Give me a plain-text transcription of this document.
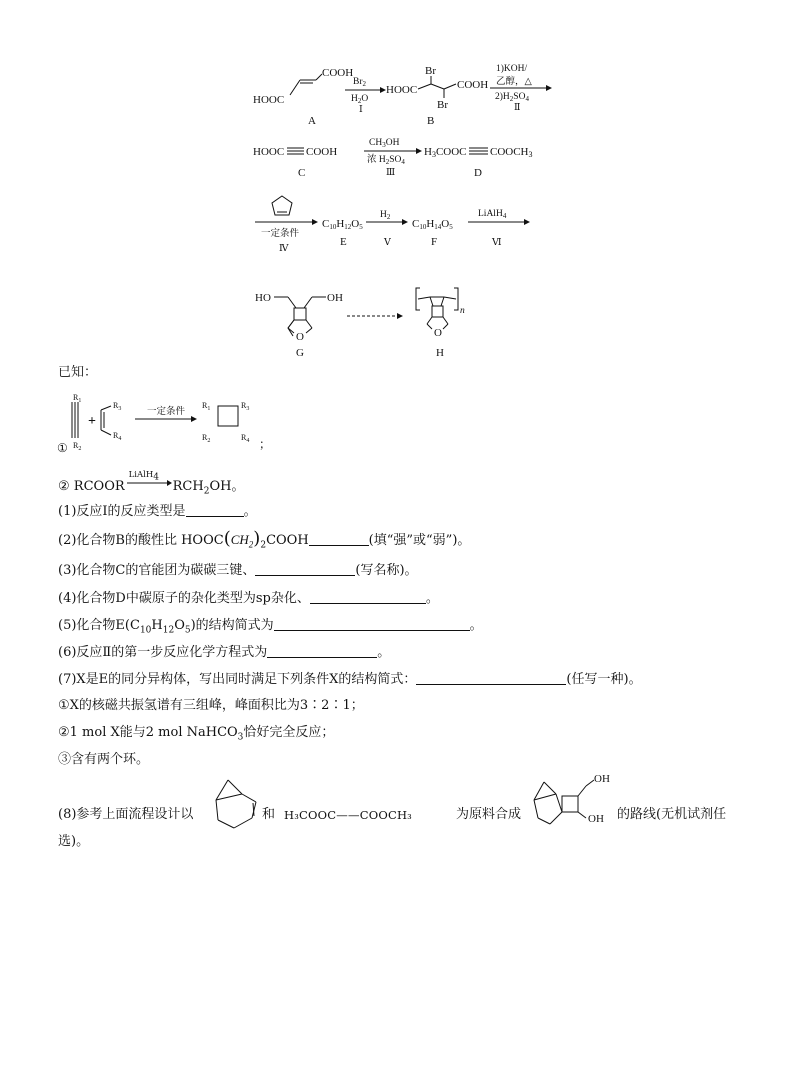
COOH
HOOC
A
$Br_2$
$H_2O$
Ⅰ
Br
Br
HOOC	COOH
B
1)KOH/
乙醇，△
$2)H_2SO_4$
Ⅱ
HOOC COOH
C
$CH_3OH$
浓 $H_2SO_4$
Ⅲ
H3COOC COOCH3
D
一定条件
Ⅳ
C10H12O5
E
$H_2$
Ⅴ
C10H14O5
F
LiAlH$_4$
Ⅵ
HO	OH
O
G
O
n
H
已知：
$R_1$
$R_2$
$R_3$
$R_4$
+
一定条件
$R_1$	$R_3$
$R_2$	$R_4$
①	；
② RCOOR
LiAlH$_4$
$RCH_2OH$。
(1)反应Ⅰ的反应类型是	。
(2)化合物B的酸性比 $HOOC(CH_2)_2COOH$	(填“强”或“弱”)。
(3)化合物C的官能团为碳碳三键、	(写名称)。
(4)化合物D中碳原子的杂化类型为sp杂化、	。
(5)化合物$E(C_{10}H_{12}O_5)$的结构简式为	。
(6)反应Ⅱ的第一步反应化学方程式为	。
(7)X是E的同分异构体，写出同时满足下列条件X的结构简式：	(任写一种)。
①X的核磁共振氢谱有三组峰，峰面积比为3∶2∶1；
②1 mol X能与2 mol NaHCO$_3$恰好完全反应；
③含有两个环。
(8)参考上面流程设计以	和 H₃COOC——COOCH₃	为原料合成
OH
OH 的路线(无机试剂任
选)。
